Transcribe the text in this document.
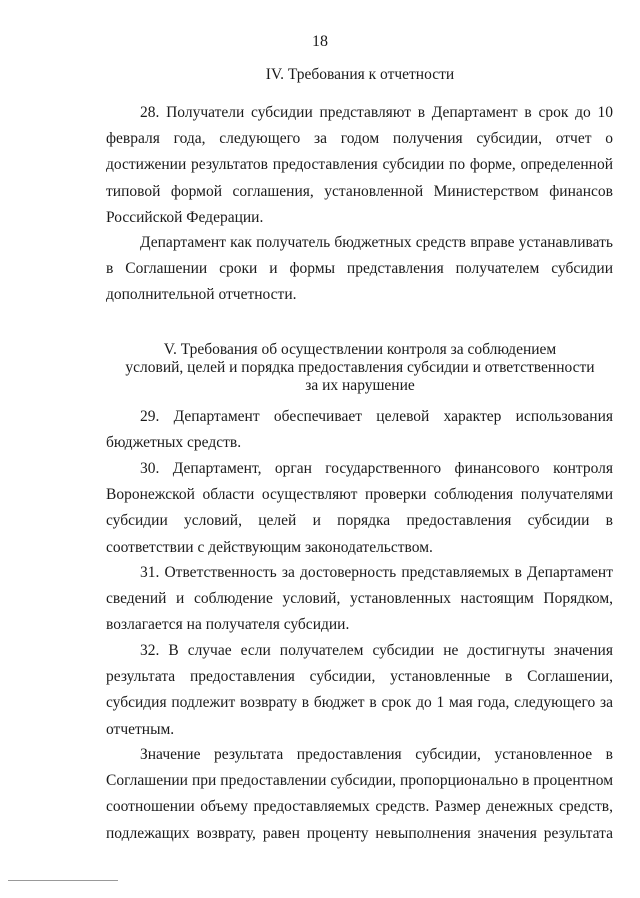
18
IV. Требования к отчетности
28. Получатели субсидии представляют в Департамент в срок до 10 февраля года, следующего за годом получения субсидии, отчет о достижении результатов предоставления субсидии по форме, определенной типовой формой соглашения, установленной Министерством финансов Российской Федерации.
Департамент как получатель бюджетных средств вправе устанавливать в Соглашении сроки и формы представления получателем субсидии дополнительной отчетности.
V. Требования об осуществлении контроля за соблюдением
условий, целей и порядка предоставления субсидии и ответственности
за их нарушение
29. Департамент обеспечивает целевой характер использования бюджетных средств.
30. Департамент, орган государственного финансового контроля Воронежской области осуществляют проверки соблюдения получателями субсидии условий, целей и порядка предоставления субсидии в соответствии с действующим законодательством.
31. Ответственность за достоверность представляемых в Департамент сведений и соблюдение условий, установленных настоящим Порядком, возлагается на получателя субсидии.
32. В случае если получателем субсидии не достигнуты значения результата предоставления субсидии, установленные в Соглашении, субсидия подлежит возврату в бюджет в срок до 1 мая года, следующего за отчетным.
Значение результата предоставления субсидии, установленное в Соглашении при предоставлении субсидии, пропорционально в процентном соотношении объему предоставляемых средств. Размер денежных средств, подлежащих возврату, равен проценту невыполнения значения результата
